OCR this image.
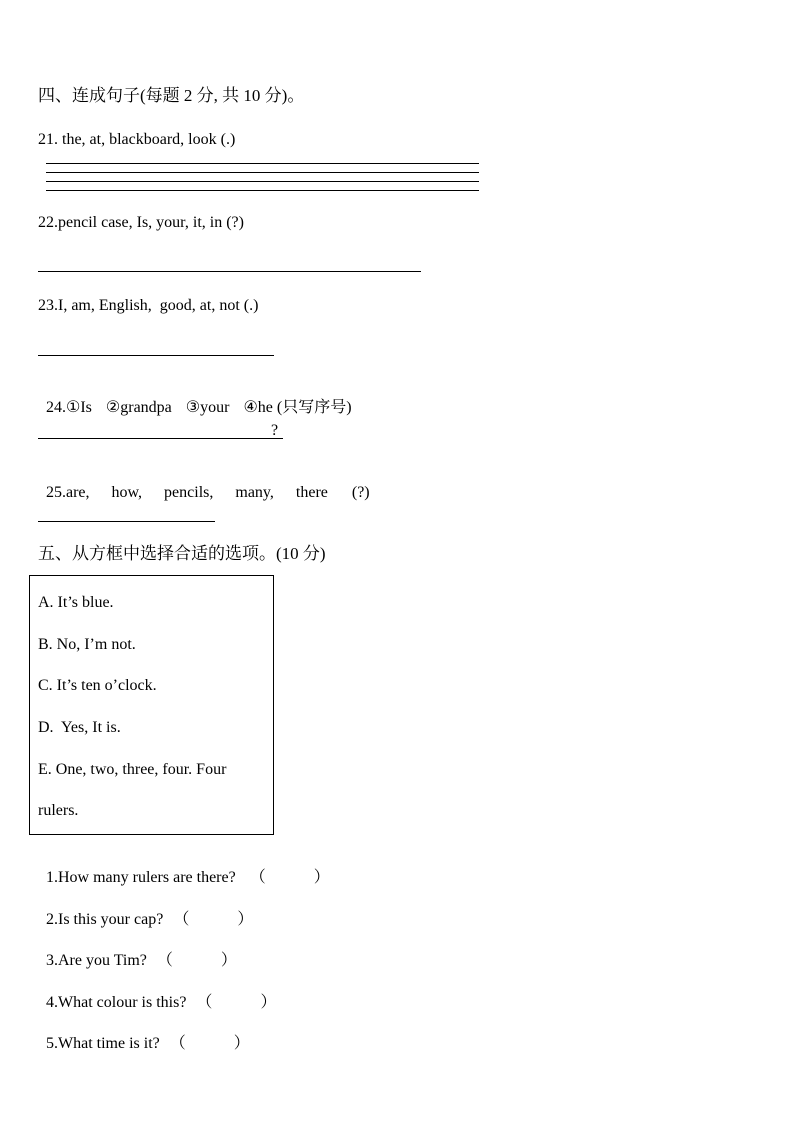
四、连成句子(每题 2 分, 共 10 分)。
21. the, at, blackboard, look (.)
22.pencil case, Is, your, it, in (?)
23.I, am, English,  good, at, not (.)

24.①Is ②grandpa ③your ④he (只写序号)

?

25.are, how, pencils, many, there (?)

五、从方框中选择合适的选项。(10 分)
A. It’s blue.
B. No, I’m not.
C. It’s ten o’clock.
D.  Yes, It is.
E. One, two, three, four. Four
rulers.

1.How many rulers are there? （	）

2.Is this your cap? （	）

3.Are you Tim? （	）

4.What colour is this? （	）

5.What time is it? （	）
